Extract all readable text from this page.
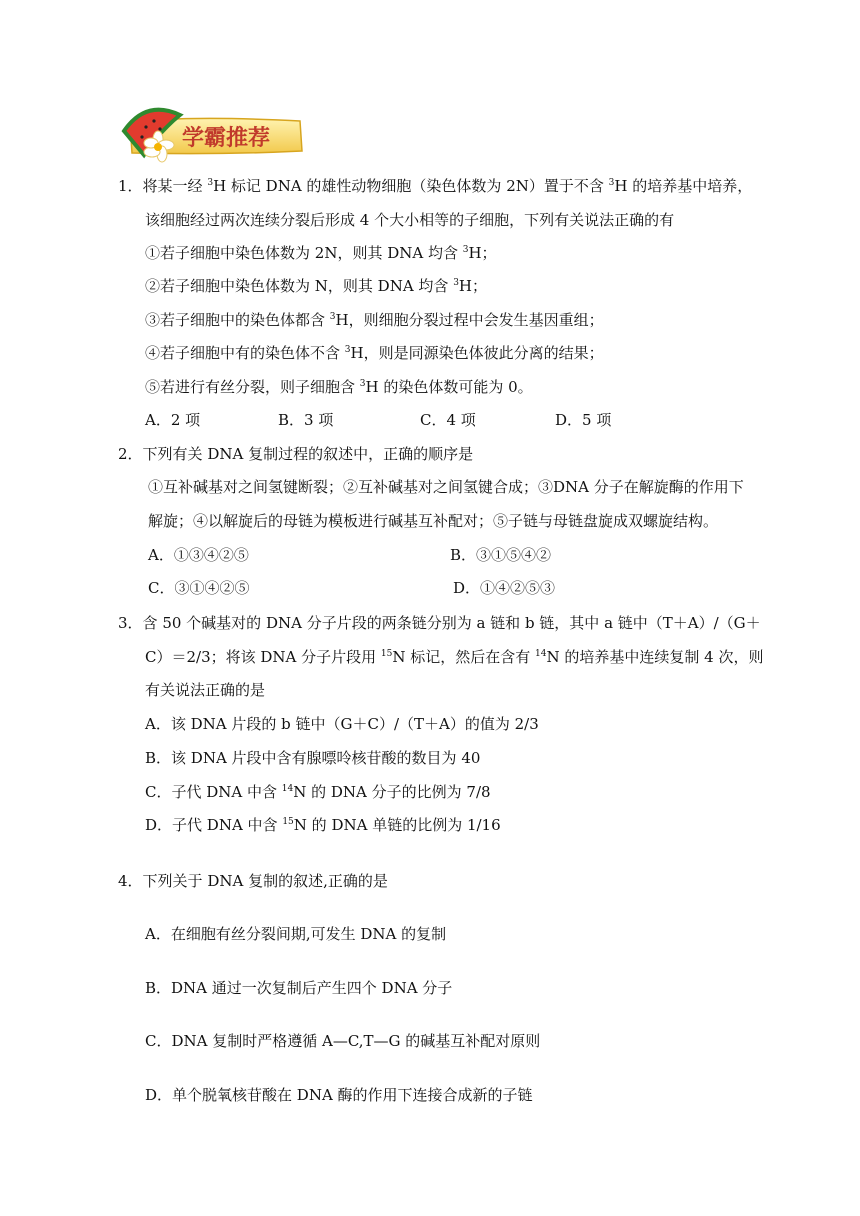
学霸推荐
1．将某一经 $^3$H 标记 DNA 的雄性动物细胞（染色体数为 2N）置于不含 $^3$H 的培养基中培养，
该细胞经过两次连续分裂后形成 4 个大小相等的子细胞，下列有关说法正确的有
①若子细胞中染色体数为 2N，则其 DNA 均含 $^3$H；
②若子细胞中染色体数为 N，则其 DNA 均含 $^3$H；
③若子细胞中的染色体都含 $^3$H，则细胞分裂过程中会发生基因重组；
④若子细胞中有的染色体不含 $^3$H，则是同源染色体彼此分离的结果；
⑤若进行有丝分裂，则子细胞含 $^3$H 的染色体数可能为 0。
A．2 项	B．3 项	C．4 项	D．5 项
2．下列有关 DNA 复制过程的叙述中，正确的顺序是
①互补碱基对之间氢键断裂；②互补碱基对之间氢键合成；③DNA 分子在解旋酶的作用下
解旋；④以解旋后的母链为模板进行碱基互补配对；⑤子链与母链盘旋成双螺旋结构。
A．①③④②⑤	B．③①⑤④②
C．③①④②⑤	D．①④②⑤③
3．含 50 个碱基对的 DNA 分子片段的两条链分别为 a 链和 b 链，其中 a 链中（T＋A）/（G＋
C）＝2/3；将该 DNA 分子片段用 $^{15}$N 标记，然后在含有 $^{14}$N 的培养基中连续复制 4 次，则
有关说法正确的是
A．该 DNA 片段的 b 链中（G＋C）/（T＋A）的值为 2/3
B．该 DNA 片段中含有腺嘌呤核苷酸的数目为 40
C．子代 DNA 中含 $^{14}$N 的 DNA 分子的比例为 7/8
D．子代 DNA 中含 $^{15}$N 的 DNA 单链的比例为 1/16
4．下列关于 DNA 复制的叙述,正确的是
A．在细胞有丝分裂间期,可发生 DNA 的复制
B．DNA 通过一次复制后产生四个 DNA 分子
C．DNA 复制时严格遵循 A—C,T—G 的碱基互补配对原则
D．单个脱氧核苷酸在 DNA 酶的作用下连接合成新的子链
